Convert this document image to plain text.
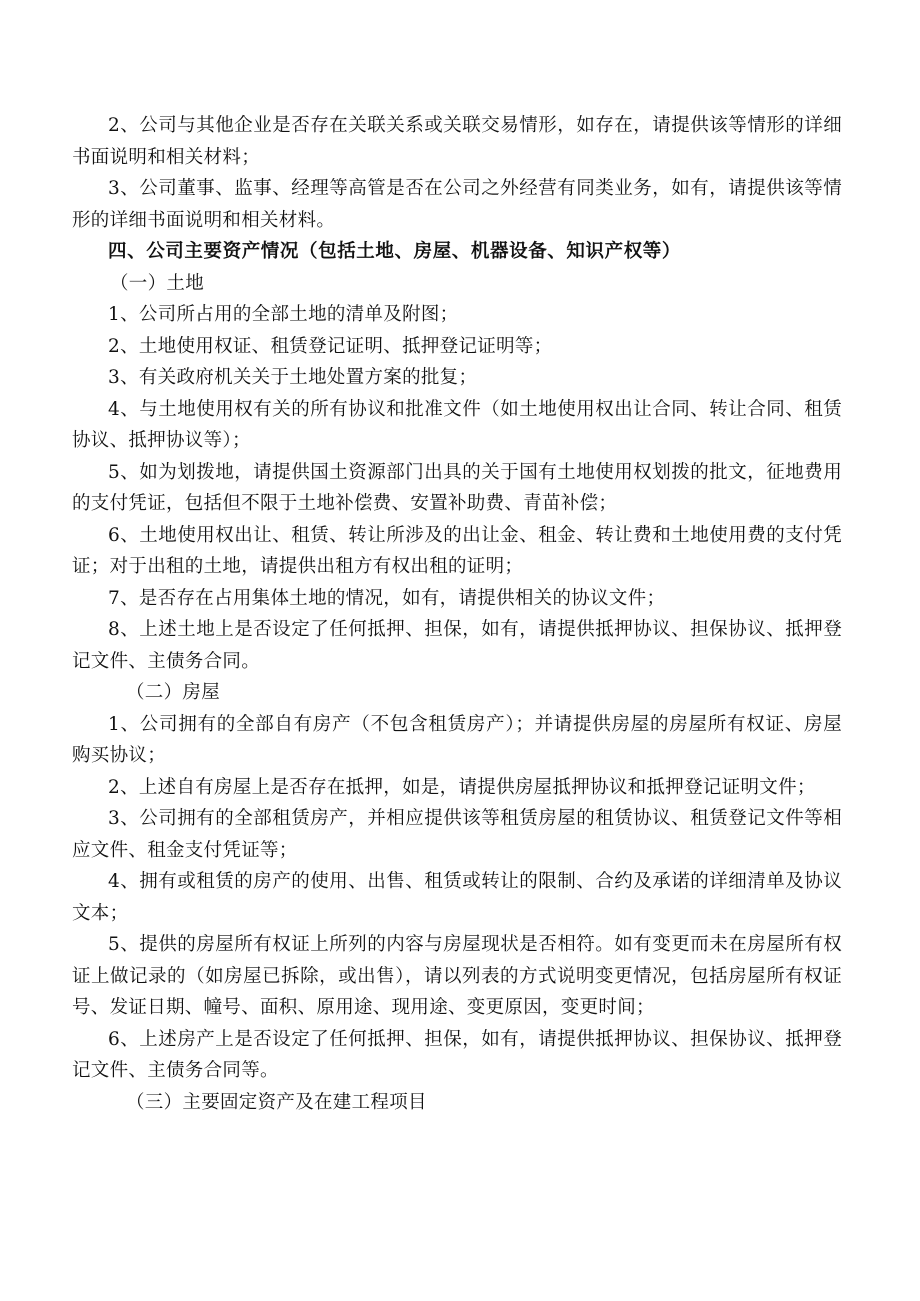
2、公司与其他企业是否存在关联关系或关联交易情形，如存在，请提供该等情形的详细书面说明和相关材料；

3、公司董事、监事、经理等高管是否在公司之外经营有同类业务，如有，请提供该等情形的详细书面说明和相关材料。

四、公司主要资产情况（包括土地、房屋、机器设备、知识产权等）

（一）土地

1、公司所占用的全部土地的清单及附图；

2、土地使用权证、租赁登记证明、抵押登记证明等；

3、有关政府机关关于土地处置方案的批复；

4、与土地使用权有关的所有协议和批准文件（如土地使用权出让合同、转让合同、租赁协议、抵押协议等）；

5、如为划拨地，请提供国土资源部门出具的关于国有土地使用权划拨的批文，征地费用的支付凭证，包括但不限于土地补偿费、安置补助费、青苗补偿；

6、土地使用权出让、租赁、转让所涉及的出让金、租金、转让费和土地使用费的支付凭证；对于出租的土地，请提供出租方有权出租的证明；

7、是否存在占用集体土地的情况，如有，请提供相关的协议文件；

8、上述土地上是否设定了任何抵押、担保，如有，请提供抵押协议、担保协议、抵押登记文件、主债务合同。

（二）房屋

1、公司拥有的全部自有房产（不包含租赁房产）；并请提供房屋的房屋所有权证、房屋购买协议；

2、上述自有房屋上是否存在抵押，如是，请提供房屋抵押协议和抵押登记证明文件；

3、公司拥有的全部租赁房产，并相应提供该等租赁房屋的租赁协议、租赁登记文件等相应文件、租金支付凭证等；

4、拥有或租赁的房产的使用、出售、租赁或转让的限制、合约及承诺的详细清单及协议文本；

5、提供的房屋所有权证上所列的内容与房屋现状是否相符。如有变更而未在房屋所有权证上做记录的（如房屋已拆除，或出售），请以列表的方式说明变更情况，包括房屋所有权证号、发证日期、幢号、面积、原用途、现用途、变更原因，变更时间；

6、上述房产上是否设定了任何抵押、担保，如有，请提供抵押协议、担保协议、抵押登记文件、主债务合同等。

（三）主要固定资产及在建工程项目
